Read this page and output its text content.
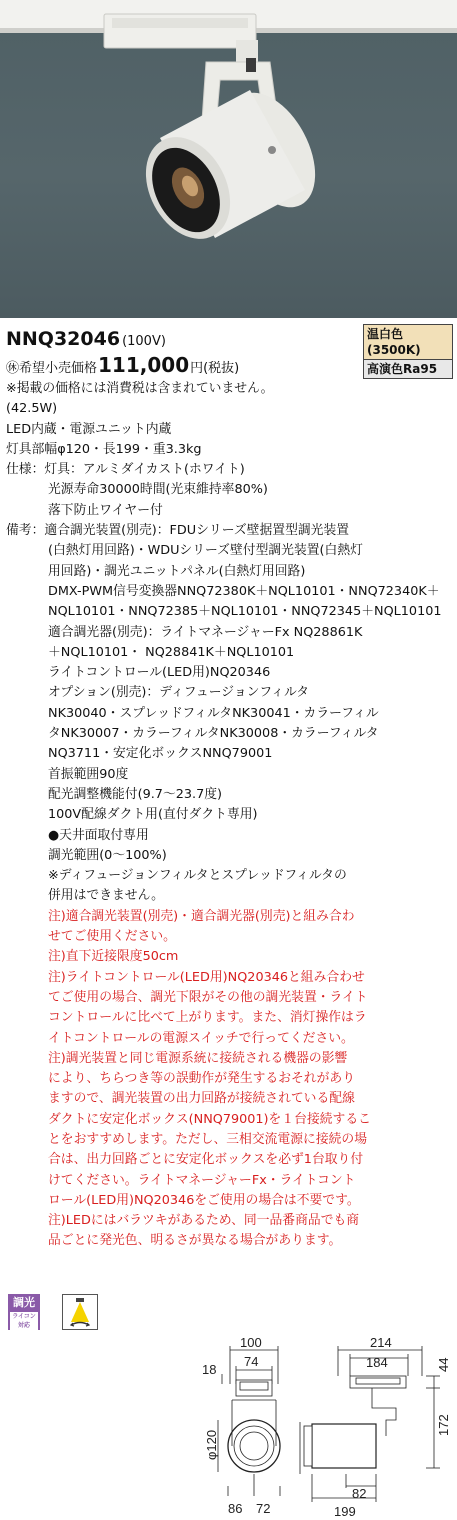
NNQ32046 (100V)	温白色(3500K)
高演色Ra95
㊡希望小売価格 111,000 円(税抜)
※掲載の価格には消費税は含まれていません。
(42.5W)
LED内蔵・電源ユニット内蔵
灯具部幅φ120・長199・重3.3kg
仕様：灯具：アルミダイカスト(ホワイト)
光源寿命30000時間(光束維持率80%)
落下防止ワイヤー付
備考：適合調光装置(別売)：FDUシリーズ壁据置型調光装置
(白熱灯用回路)・WDUシリーズ壁付型調光装置(白熱灯
用回路)・調光ユニットパネル(白熱灯用回路)
DMX-PWM信号変換器NNQ72380K＋NQL10101・NNQ72340K＋
NQL10101・NNQ72385＋NQL10101・NNQ72345＋NQL10101
適合調光器(別売)：ライトマネージャーFx NQ28861K
＋NQL10101・ NQ28841K＋NQL10101
ライトコントロール(LED用)NQ20346
オプション(別売)：ディフュージョンフィルタ
NK30040・スプレッドフィルタNK30041・カラーフィル
タNK30007・カラーフィルタNK30008・カラーフィルタ
NQ3711・安定化ボックスNNQ79001
首振範囲90度
配光調整機能付(9.7〜23.7度)
100V配線ダクト用(直付ダクト専用)
●天井面取付専用
調光範囲(0〜100%)
※ディフュージョンフィルタとスプレッドフィルタの
併用はできません。
注)適合調光装置(別売)・適合調光器(別売)と組み合わ
せてご使用ください。
注)直下近接限度50cm
注)ライトコントロール(LED用)NQ20346と組み合わせ
てご使用の場合、調光下限がその他の調光装置・ライト
コントロールに比べて上がります。また、消灯操作はラ
イトコントロールの電源スイッチで行ってください。
注)調光装置と同じ電源系統に接続される機器の影響
により、ちらつき等の誤動作が発生するおそれがあり
ますので、調光装置の出力回路が接続されている配線
ダクトに安定化ボックス(NNQ79001)を１台接続するこ
とをおすすめします。ただし、三相交流電源に接続の場
合は、出力回路ごとに安定化ボックスを必ず1台取り付
けてください。ライトマネージャーFx・ライトコント
ロール(LED用)NQ20346をご使用の場合は不要です。
注)LEDにはバラツキがあるため、同一品番商品でも商
品ごとに発光色、明るさが異なる場合があります。
調光
ライコン対応
100
74
18
φ120
86 72
214
184	44
172
82
199
